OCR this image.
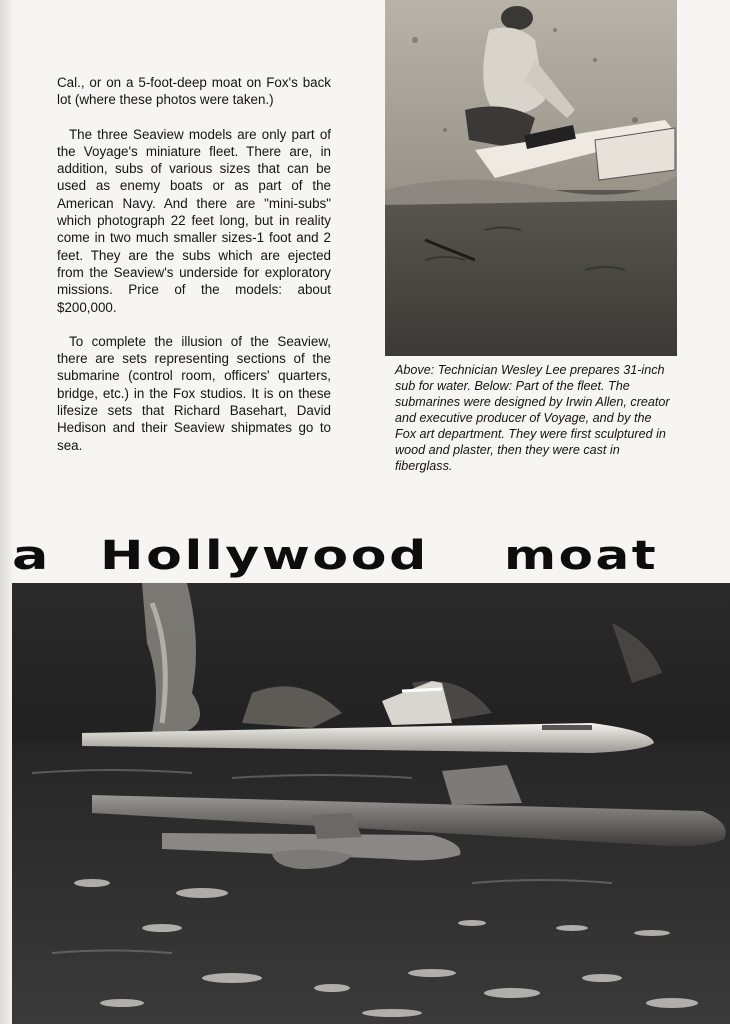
Cal., or on a 5-foot-deep moat on Fox's back lot (where these photos were taken.)

The three Seaview models are only part of the Voyage's miniature fleet. There are, in addition, subs of various sizes that can be used as enemy boats or as part of the American Navy. And there are "mini-subs" which photograph 22 feet long, but in reality come in two much smaller sizes-1 foot and 2 feet. They are the subs which are ejected from the Seaview's underside for exploratory missions. Price of the models: about $200,000.

To complete the illusion of the Seaview, there are sets representing sections of the submarine (control room, officers' quarters, bridge, etc.) in the Fox studios. It is on these lifesize sets that Richard Basehart, David Hedison and their Seaview shipmates go to sea.

Above: Technician Wesley Lee prepares 31-inch sub for water. Below: Part of the fleet. The submarines were designed by Irwin Allen, creator and executive producer of Voyage, and by the Fox art department. They were first sculptured in wood and plaster, then they were cast in fiberglass.
a Hollywood moat
